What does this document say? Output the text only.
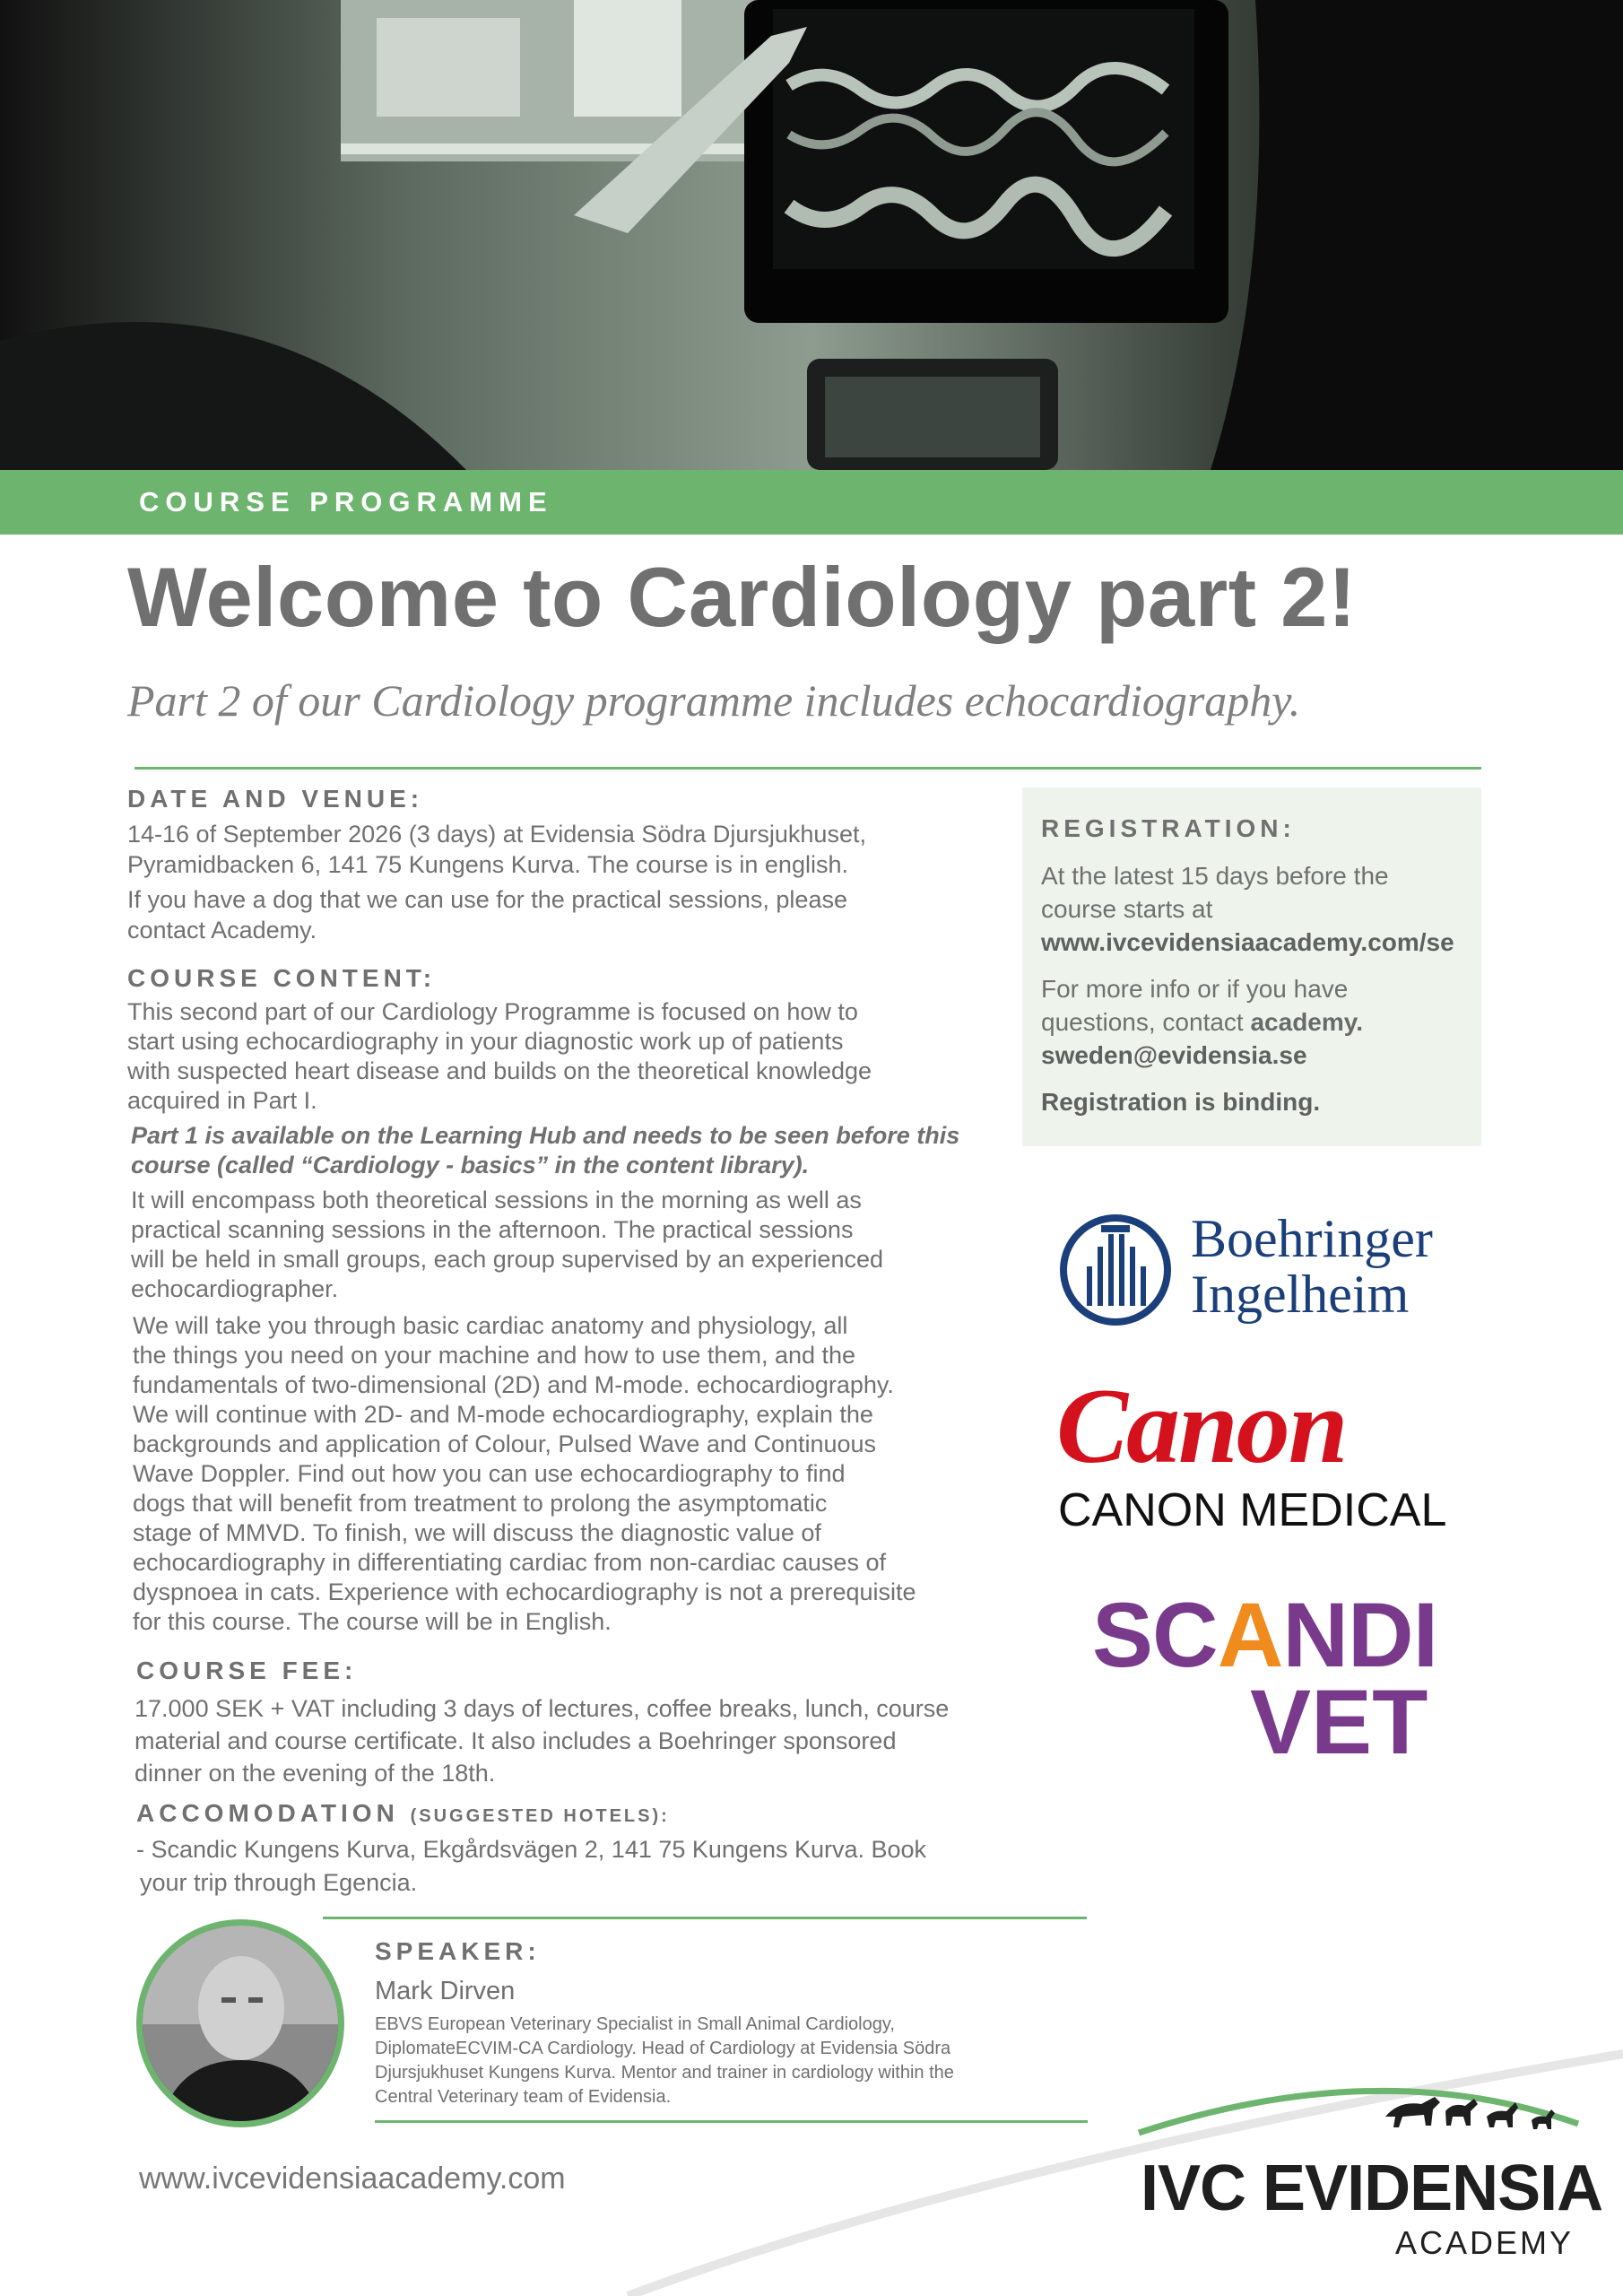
COURSE PROGRAMME
Welcome to Cardiology part 2!
Part 2 of our Cardiology programme includes echocardiography.
DATE AND VENUE:
14-16 of September 2026 (3 days) at Evidensia Södra Djursjukhuset,
Pyramidbacken 6, 141 75 Kungens Kurva. The course is in english.
If you have a dog that we can use for the practical sessions, please
contact Academy.
COURSE CONTENT:
This second part of our Cardiology Programme is focused on how to
start using echocardiography in your diagnostic work up of patients
with suspected heart disease and builds on the theoretical knowledge
acquired in Part I.
Part 1 is available on the Learning Hub and needs to be seen before this
course (called “Cardiology - basics” in the content library).
It will encompass both theoretical sessions in the morning as well as
practical scanning sessions in the afternoon. The practical sessions
will be held in small groups, each group supervised by an experienced
echocardiographer.
We will take you through basic cardiac anatomy and physiology, all
the things you need on your machine and how to use them, and the
fundamentals of two-dimensional (2D) and M-mode. echocardiography.
We will continue with 2D- and M-mode echocardiography, explain the
backgrounds and application of Colour, Pulsed Wave and Continuous
Wave Doppler. Find out how you can use echocardiography to find
dogs that will benefit from treatment to prolong the asymptomatic
stage of MMVD. To finish, we will discuss the diagnostic value of
echocardiography in differentiating cardiac from non-cardiac causes of
dyspnoea in cats. Experience with echocardiography is not a prerequisite
for this course. The course will be in English.
COURSE FEE:
17.000 SEK + VAT including 3 days of lectures, coffee breaks, lunch, course
material and course certificate. It also includes a Boehringer sponsored
dinner on the evening of the 18th.
ACCOMODATION (SUGGESTED HOTELS):
- Scandic Kungens Kurva, Ekgårdsvägen 2, 141 75 Kungens Kurva. Book
your trip through Egencia.
REGISTRATION:
At the latest 15 days before the
course starts at
www.ivcevidensiaacademy.com/se
For more info or if you have
questions, contact academy.
sweden@evidensia.se
Registration is binding.
Boehringer
Ingelheim
Canon
CANON MEDICAL
SCANDI
VET
SPEAKER:
Mark Dirven
EBVS European Veterinary Specialist in Small Animal Cardiology,
DiplomateECVIM-CA Cardiology. Head of Cardiology at Evidensia Södra
Djursjukhuset Kungens Kurva. Mentor and trainer in cardiology within the
Central Veterinary team of Evidensia.
www.ivcevidensiaacademy.com	IVC EVIDENSIA
ACADEMY
